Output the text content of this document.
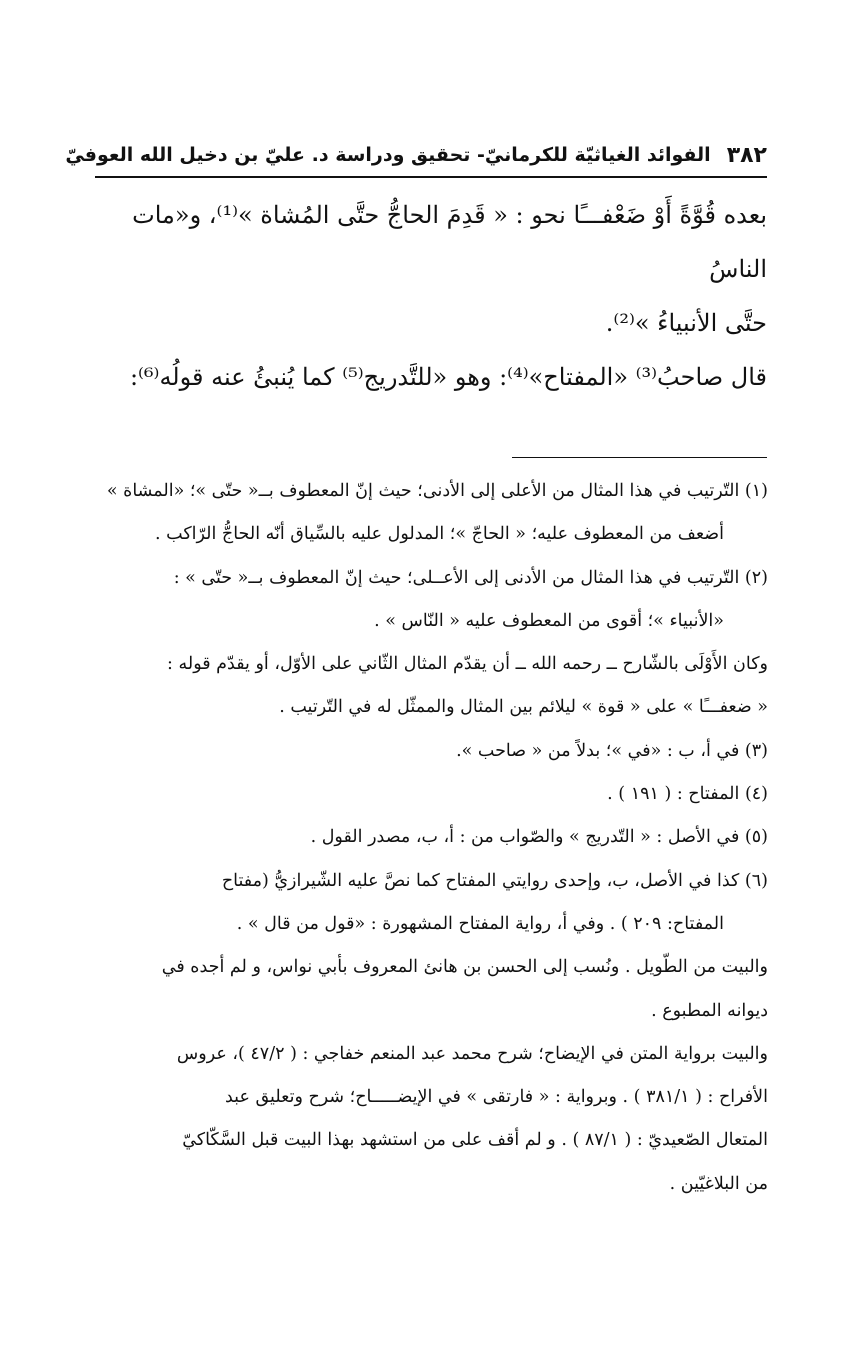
٣٨٢
الفوائد الغياثيّة للكرمانيّ- تحقيق ودراسة د. عليّ بن دخيل الله العوفيّ

بعده قُوَّةً أَوْ ضَعْفـــًا نحو : « قَدِمَ الحاجُّ حتَّى المُشاة »⁽¹⁾، و«مات الناسُ

حتَّى الأنبياءُ »⁽²⁾.

قال صاحبُ⁽³⁾ «المفتاح»⁽⁴⁾: وهو «للتَّدريج⁽⁵⁾ كما يُنبئُ عنه قولُه⁽⁶⁾:

(١) التّرتيب في هذا المثال من الأعلى إلى الأدنى؛ حيث إنّ المعطوف بــ« حتّى »؛ «المشاة »

أضعف من المعطوف عليه؛ « الحاجّ »؛ المدلول عليه بالسِّياق أنّه الحاجُّ الرّاكب .

(٢) التّرتيب في هذا المثال من الأدنى إلى الأعــلى؛ حيث إنّ المعطوف بــ« حتّى » :

«الأنبياء »؛ أقوى من المعطوف عليه « النّاس » .

وكان الأَوْلَى بالشّارح ــ رحمه الله ــ أن يقدّم المثال الثّاني على الأوّل، أو يقدّم قوله :

« ضعفـــًا » على « قوة » ليلائم بين المثال والممثّل له في التّرتيب .

(٣) في أ، ب : «في »؛ بدلاً من « صاحب ».

(٤) المفتاح : ( ١٩١ ) .

(٥) في الأصل : « التّدريج » والصّواب من : أ، ب، مصدر القول .

(٦) كذا في الأصل، ب، وإحدى روايتي المفتاح كما نصَّ عليه الشّيرازيُّ (مفتاح

المفتاح: ٢٠٩ ) . وفي أ، رواية المفتاح المشهورة : «قول من قال » .

والبيت من الطّويل . ونُسب إلى الحسن بن هانئ المعروف بأبي نواس، و لم أجده في

ديوانه المطبوع .

والبيت برواية المتن في الإيضاح؛ شرح محمد عبد المنعم خفاجي : ( ٤٧/٢ )، عروس

الأفراح : ( ٣٨١/١ ) . وبرواية : « فارتقى » في الإيضـــــاح؛ شرح وتعليق عبد

المتعال الصّعيديّ : ( ٨٧/١ ) . و لم أقف على من استشهد بهذا البيت قبل السَّكّاكيّ

من البلاغيّين .
